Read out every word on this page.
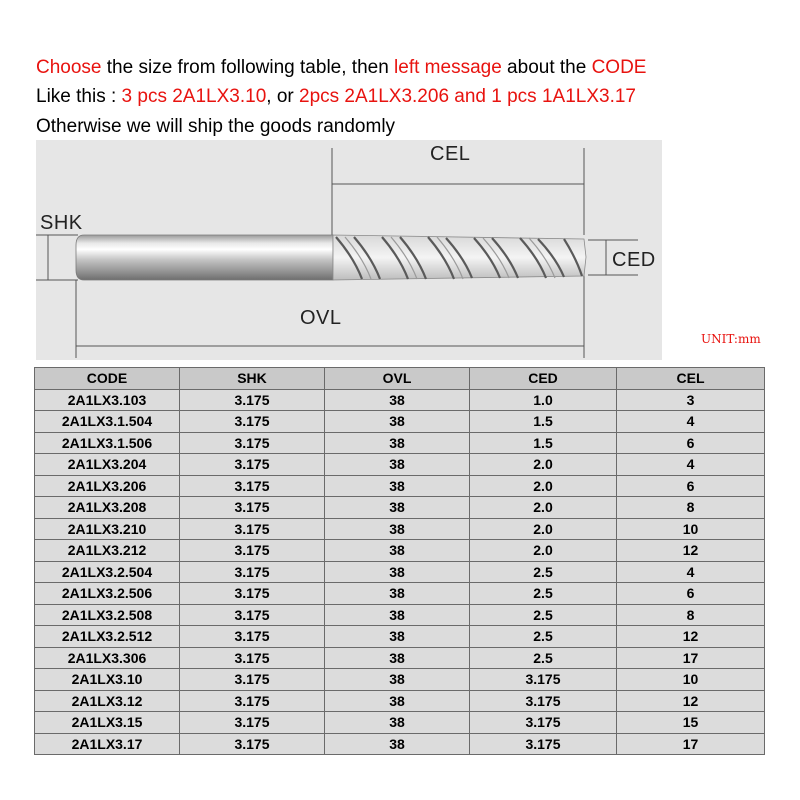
Choose the size from following table, then left message about the CODE
Like this : 3 pcs 2A1LX3.10, or 2pcs 2A1LX3.206 and 1 pcs 1A1LX3.17
Otherwise we will ship the goods randomly
CEL
SHK
CED
OVL
UNIT:mm
CODE	SHK	OVL	CED	CEL
2A1LX3.103	3.175	38	1.0	3
2A1LX3.1.504	3.175	38	1.5	4
2A1LX3.1.506	3.175	38	1.5	6
2A1LX3.204	3.175	38	2.0	4
2A1LX3.206	3.175	38	2.0	6
2A1LX3.208	3.175	38	2.0	8
2A1LX3.210	3.175	38	2.0	10
2A1LX3.212	3.175	38	2.0	12
2A1LX3.2.504	3.175	38	2.5	4
2A1LX3.2.506	3.175	38	2.5	6
2A1LX3.2.508	3.175	38	2.5	8
2A1LX3.2.512	3.175	38	2.5	12
2A1LX3.306	3.175	38	2.5	17
2A1LX3.10	3.175	38	3.175	10
2A1LX3.12	3.175	38	3.175	12
2A1LX3.15	3.175	38	3.175	15
2A1LX3.17	3.175	38	3.175	17
